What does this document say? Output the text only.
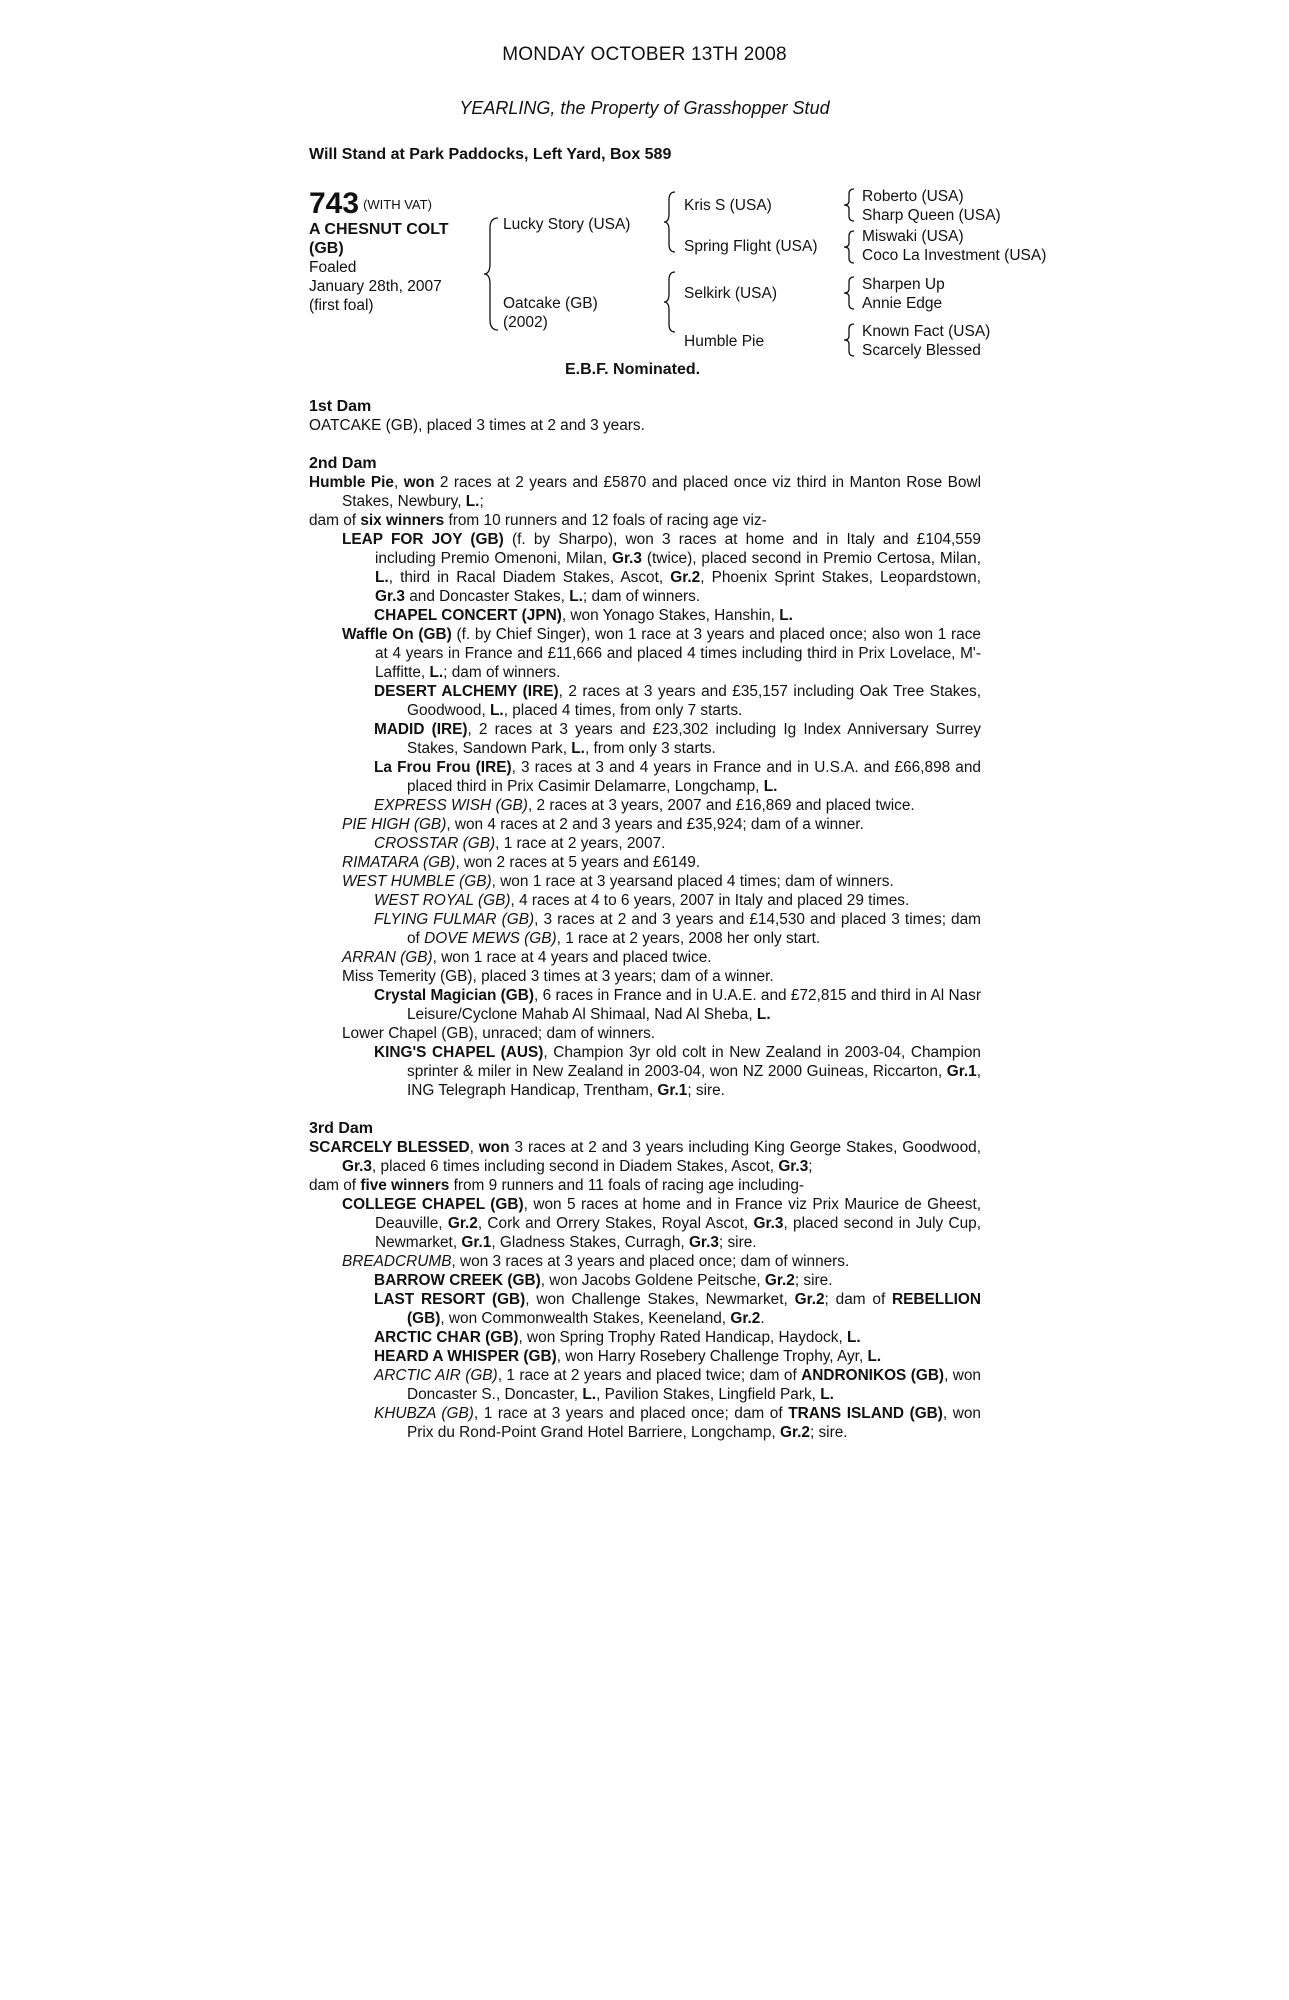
MONDAY OCTOBER 13TH 2008
YEARLING, the Property of Grasshopper Stud
Will Stand at Park Paddocks, Left Yard, Box 589
743 $^{(WITH VAT)}$
A CHESNUT COLT
(GB)
Foaled
January 28th, 2007
(first foal)
Lucky Story (USA)
Oatcake (GB)
(2002)
Kris S (USA)
Spring Flight (USA)
Selkirk (USA)
Humble Pie
Roberto (USA)
Sharp Queen (USA)
Miswaki (USA)
Coco La Investment (USA)
Sharpen Up
Annie Edge
Known Fact (USA)
Scarcely Blessed
E.B.F. Nominated.
1st Dam
OATCAKE (GB), placed 3 times at 2 and 3 years.
2nd Dam
Humble Pie, won 2 races at 2 years and £5870 and placed once viz third in Manton Rose Bowl Stakes, Newbury, L.;
dam of six winners from 10 runners and 12 foals of racing age viz-
LEAP FOR JOY (GB) (f. by Sharpo), won 3 races at home and in Italy and £104,559 including Premio Omenoni, Milan, Gr.3 (twice), placed second in Premio Certosa, Milan, L., third in Racal Diadem Stakes, Ascot, Gr.2, Phoenix Sprint Stakes, Leopardstown, Gr.3 and Doncaster Stakes, L.; dam of winners.
CHAPEL CONCERT (JPN), won Yonago Stakes, Hanshin, L.
Waffle On (GB) (f. by Chief Singer), won 1 race at 3 years and placed once; also won 1 race at 4 years in France and £11,666 and placed 4 times including third in Prix Lovelace, M'-Laffitte, L.; dam of winners.
DESERT ALCHEMY (IRE), 2 races at 3 years and £35,157 including Oak Tree Stakes, Goodwood, L., placed 4 times, from only 7 starts.
MADID (IRE), 2 races at 3 years and £23,302 including Ig Index Anniversary Surrey Stakes, Sandown Park, L., from only 3 starts.
La Frou Frou (IRE), 3 races at 3 and 4 years in France and in U.S.A. and £66,898 and placed third in Prix Casimir Delamarre, Longchamp, L.
EXPRESS WISH (GB), 2 races at 3 years, 2007 and £16,869 and placed twice.
PIE HIGH (GB), won 4 races at 2 and 3 years and £35,924; dam of a winner.
CROSSTAR (GB), 1 race at 2 years, 2007.
RIMATARA (GB), won 2 races at 5 years and £6149.
WEST HUMBLE (GB), won 1 race at 3 yearsand placed 4 times; dam of winners.
WEST ROYAL (GB), 4 races at 4 to 6 years, 2007 in Italy and placed 29 times.
FLYING FULMAR (GB), 3 races at 2 and 3 years and £14,530 and placed 3 times; dam of DOVE MEWS (GB), 1 race at 2 years, 2008 her only start.
ARRAN (GB), won 1 race at 4 years and placed twice.
Miss Temerity (GB), placed 3 times at 3 years; dam of a winner.
Crystal Magician (GB), 6 races in France and in U.A.E. and £72,815 and third in Al Nasr Leisure/Cyclone Mahab Al Shimaal, Nad Al Sheba, L.
Lower Chapel (GB), unraced; dam of winners.
KING'S CHAPEL (AUS), Champion 3yr old colt in New Zealand in 2003-04, Champion sprinter & miler in New Zealand in 2003-04, won NZ 2000 Guineas, Riccarton, Gr.1, ING Telegraph Handicap, Trentham, Gr.1; sire.
3rd Dam
SCARCELY BLESSED, won 3 races at 2 and 3 years including King George Stakes, Goodwood, Gr.3, placed 6 times including second in Diadem Stakes, Ascot, Gr.3;
dam of five winners from 9 runners and 11 foals of racing age including-
COLLEGE CHAPEL (GB), won 5 races at home and in France viz Prix Maurice de Gheest, Deauville, Gr.2, Cork and Orrery Stakes, Royal Ascot, Gr.3, placed second in July Cup, Newmarket, Gr.1, Gladness Stakes, Curragh, Gr.3; sire.
BREADCRUMB, won 3 races at 3 years and placed once; dam of winners.
BARROW CREEK (GB), won Jacobs Goldene Peitsche, Gr.2; sire.
LAST RESORT (GB), won Challenge Stakes, Newmarket, Gr.2; dam of REBELLION (GB), won Commonwealth Stakes, Keeneland, Gr.2.
ARCTIC CHAR (GB), won Spring Trophy Rated Handicap, Haydock, L.
HEARD A WHISPER (GB), won Harry Rosebery Challenge Trophy, Ayr, L.
ARCTIC AIR (GB), 1 race at 2 years and placed twice; dam of ANDRONIKOS (GB), won Doncaster S., Doncaster, L., Pavilion Stakes, Lingfield Park, L.
KHUBZA (GB), 1 race at 3 years and placed once; dam of TRANS ISLAND (GB), won Prix du Rond-Point Grand Hotel Barriere, Longchamp, Gr.2; sire.
